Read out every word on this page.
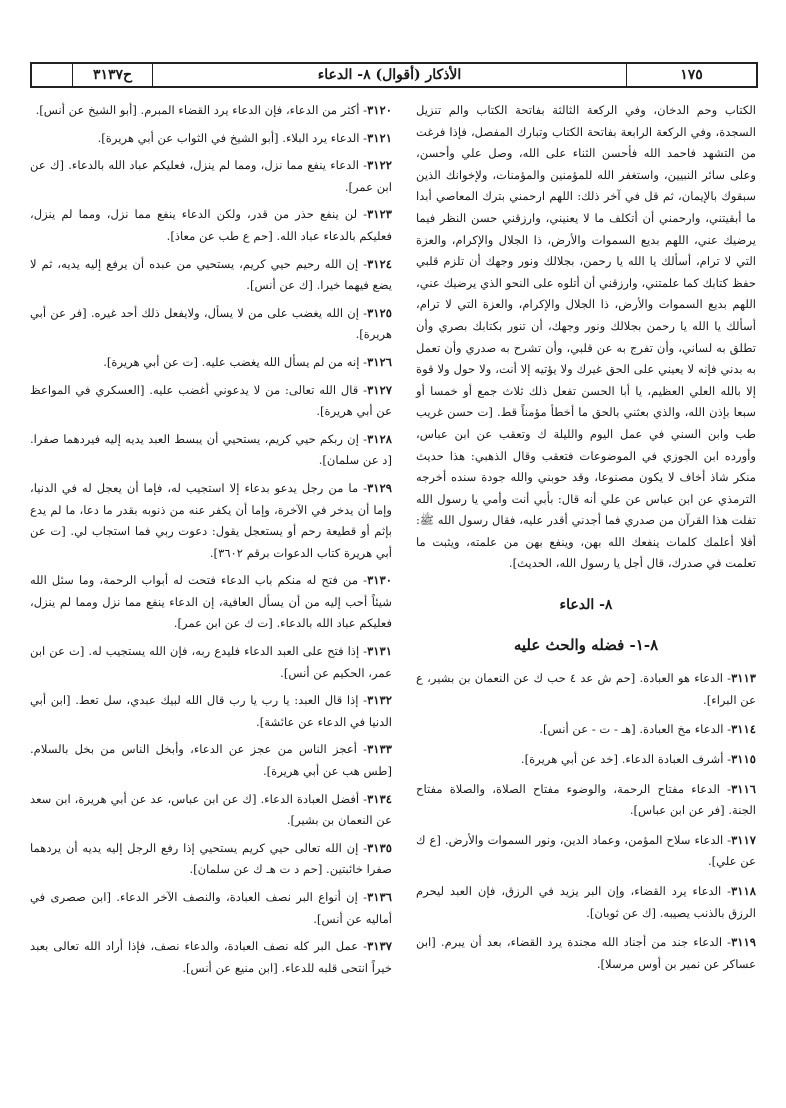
١٧٥
الأذكار (أقوال) ٨- الدعاء
ح٣١٣٧

الكتاب وحم الدخان، وفي الركعة الثالثة بفاتحة الكتاب والم تنزيل السجدة، وفي الركعة الرابعة بفاتحة الكتاب وتبارك المفصل، فإذا فرغت من التشهد فاحمد الله فأحسن الثناء على الله، وصل علي وأحسن، وعلى سائر النبيين، واستغفر الله للمؤمنين والمؤمنات، ولإخوانك الذين سبقوك بالإيمان، ثم قل في آخر ذلك: اللهم ارحمني بترك المعاصي أبدا ما أبقيتني، وارحمني أن أتكلف ما لا يعنيني، وارزقني حسن النظر فيما يرضيك عني، اللهم بديع السموات والأرض، ذا الجلال والإكرام، والعزة التي لا ترام، أسألك يا الله يا رحمن، بجلالك ونور وجهك أن تلزم قلبي حفظ كتابك كما علمتني، وارزقني أن أتلوه على النحو الذي يرضيك عني، اللهم بديع السموات والأرض، ذا الجلال والإكرام، والعزة التي لا ترام، أسألك يا الله يا رحمن بجلالك ونور وجهك، أن تنور بكتابك بصري وأن تطلق به لساني، وأن تفرج به عن قلبي، وأن تشرح به صدري وأن تعمل به بدني فإنه لا يعيني على الحق غيرك ولا يؤتيه إلا أنت، ولا حول ولا قوة إلا بالله العلي العظيم، يا أبا الحسن تفعل ذلك ثلاث جمع أو خمسا أو سبعا بإذن الله، والذي بعثني بالحق ما أخطأ مؤمناً قط. [ت حسن غريب طب وابن السني في عمل اليوم والليلة ك وتعقب عن ابن عباس، وأورده ابن الجوزي في الموضوعات فتعقب وقال الذهبي: هذا حديث منكر شاذ أخاف لا يكون مصنوعا، وقد حوبني والله جودة سنده أخرجه الترمذي عن ابن عباس عن علي أنه قال: بأبي أنت وأمي يا رسول الله تفلت هذا القرآن من صدري فما أجدني أقدر عليه، فقال رسول الله ﷺ: أفلا أعلمك كلمات ينفعك الله بهن، وينفع بهن من علمته، ويثبت ما تعلمت في صدرك، قال أجل يا رسول الله، الحديث].

٨- الدعاء
٨-١- فضله والحث عليه
٣١١٣- الدعاء هو العبادة. [حم ش عد ٤ حب ك عن النعمان بن بشير، ع عن البراء].
٣١١٤- الدعاء مخ العبادة. [هـ - ت - عن أنس].
٣١١٥- أشرف العبادة الدعاء. [خد عن أبي هريرة].
٣١١٦- الدعاء مفتاح الرحمة، والوضوء مفتاح الصلاة، والصلاة مفتاح الجنة. [فر عن ابن عباس].
٣١١٧- الدعاء سلاح المؤمن، وعماد الدين، ونور السموات والأرض. [ع ك عن علي].
٣١١٨- الدعاء يرد القضاء، وإن البر يزيد في الرزق، فإن العبد ليحرم الرزق بالذنب يصيبه. [ك عن ثوبان].
٣١١٩- الدعاء جند من أجناد الله مجندة يرد القضاء، بعد أن يبرم. [ابن عساكر عن نمير بن أوس مرسلا].
٣١٢٠- أكثر من الدعاء، فإن الدعاء يرد القضاء المبرم. [أبو الشيخ عن أنس].
٣١٢١- الدعاء يرد البلاء. [أبو الشيخ في الثواب عن أبي هريرة].
٣١٢٢- الدعاء ينفع مما نزل، ومما لم ينزل، فعليكم عباد الله بالدعاء. [ك عن ابن عمر].
٣١٢٣- لن ينفع حذر من قدر، ولكن الدعاء ينفع مما نزل، ومما لم ينزل، فعليكم بالدعاء عباد الله. [حم ع طب عن معاذ].
٣١٢٤- إن الله رحيم حيي كريم، يستحيي من عبده أن يرفع إليه يديه، ثم لا يضع فيهما خيرا. [ك عن أنس].
٣١٢٥- إن الله يغضب على من لا يسأل، ولايفعل ذلك أحد غيره. [فر عن أبي هريرة].
٣١٢٦- إنه من لم يسأل الله يغضب عليه. [ت عن أبي هريرة].
٣١٢٧- قال الله تعالى: من لا يدعوني أغضب عليه. [العسكري في المواعظ عن أبي هريرة].
٣١٢٨- إن ربكم حيي كريم، يستحيي أن يبسط العبد يديه إليه فيردهما صفرا. [د عن سلمان].
٣١٢٩- ما من رجل يدعو بدعاء إلا استجيب له، فإما أن يعجل له في الدنيا، وإما أن يدخر في الآخرة، وإما أن يكفر عنه من ذنوبه بقدر ما دعا، ما لم يدع بإثم أو قطيعة رحم أو يستعجل يقول: دعوت ربي فما استجاب لي. [ت عن أبي هريرة كتاب الدعوات برقم ٣٦٠٢].
٣١٣٠- من فتح له منكم باب الدعاء فتحت له أبواب الرحمة، وما سئل الله شيئاً أحب إليه من أن يسأل العافية، إن الدعاء ينفع مما نزل ومما لم ينزل، فعليكم عباد الله بالدعاء. [ت ك عن ابن عمر].
٣١٣١- إذا فتح على العبد الدعاء فليدع ربه، فإن الله يستجيب له. [ت عن ابن عمر، الحكيم عن أنس].
٣١٣٢- إذا قال العبد: يا رب يا رب قال الله لبيك عبدي، سل تعط. [ابن أبي الدنيا في الدعاء عن عائشة].
٣١٣٣- أعجز الناس من عجز عن الدعاء، وأبخل الناس من بخل بالسلام. [طس هب عن أبي هريرة].
٣١٣٤- أفضل العبادة الدعاء. [ك عن ابن عباس، عد عن أبي هريرة، ابن سعد عن النعمان بن بشير].
٣١٣٥- إن الله تعالى حيي كريم يستحيي إذا رفع الرجل إليه يديه أن يردهما صفرا خائبتين. [حم د ت هـ ك عن سلمان].
٣١٣٦- إن أنواع البر نصف العبادة، والنصف الآخر الدعاء. [ابن صصرى في أماليه عن أنس].
٣١٣٧- عمل البر كله نصف العبادة، والدعاء نصف، فإذا أراد الله تعالى بعبد خيراً انتحى قلبه للدعاء. [ابن منيع عن أنس].
